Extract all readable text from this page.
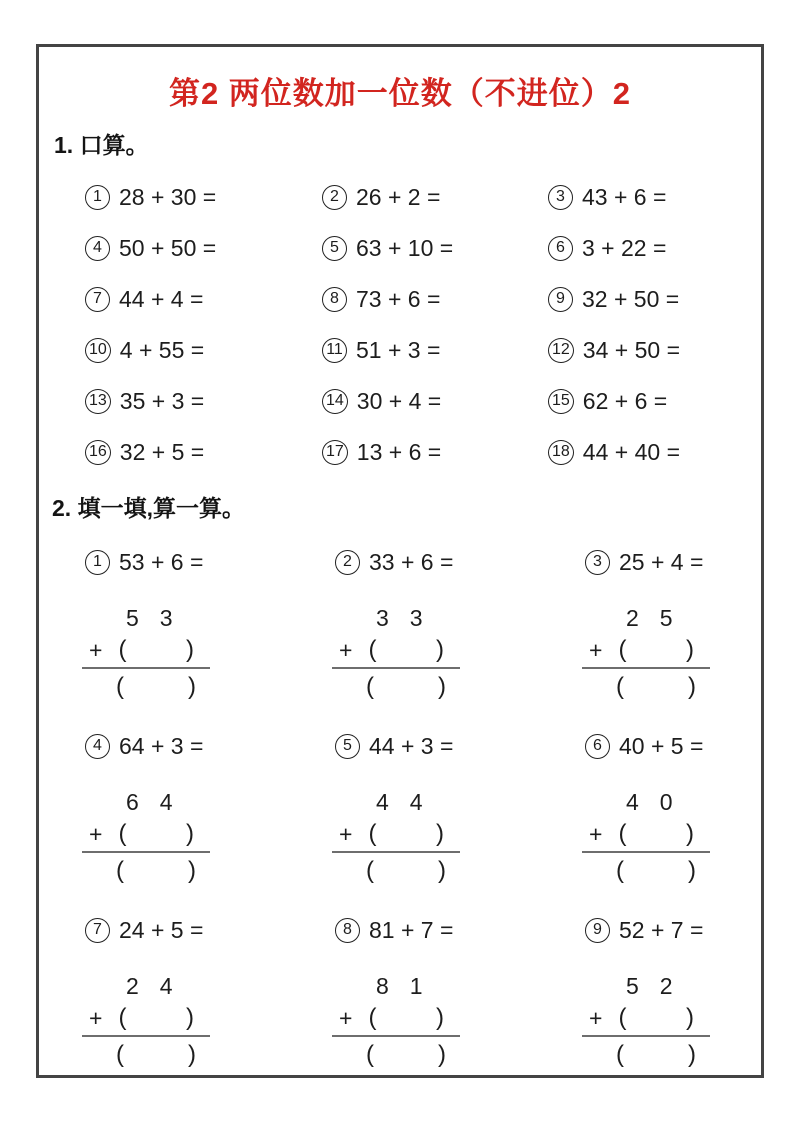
第2 两位数加一位数（不进位）2
1. 口算。
1 28 + 30 =	2 26 + 2 =	3 43 + 6 =
4 50 + 50 =	5 63 + 10 =	6 3 + 22 =
7 44 + 4 =	8 73 + 6 =	9 32 + 50 =
10 4 + 55 =	11 51 + 3 =	12 34 + 50 =
13 35 + 3 =	14 30 + 4 =	15 62 + 6 =
16 32 + 5 =	17 13 + 6 =	18 44 + 40 =
2. 填一填,算一算。
1 53 + 6 =
5 3
+ ( )
(	)
2 33 + 6 =
3 3
+ ( )
(	)
3 25 + 4 =
2 5
+ ( )
(	)
4 64 + 3 =
6 4
+ ( )
(	)
5 44 + 3 =
4 4
+ ( )
(	)
6 40 + 5 =
4 0
+ ( )
(	)
7 24 + 5 =
2 4
+ ( )
(	)
8 81 + 7 =
8 1
+ ( )
(	)
9 52 + 7 =
5 2
+ ( )
(	)
